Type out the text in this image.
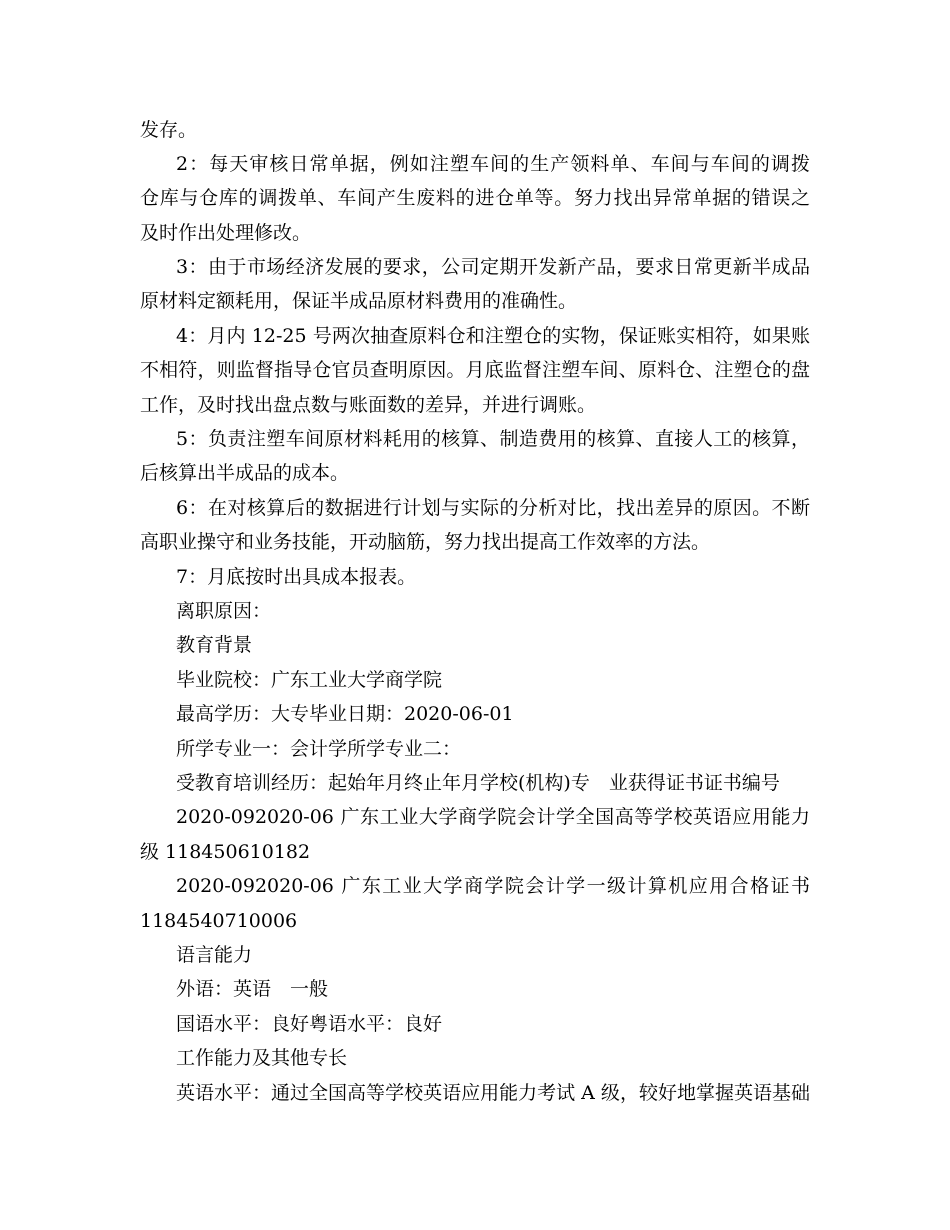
发存。
2：每天审核日常单据，例如注塑车间的生产领料单、车间与车间的调拨
仓库与仓库的调拨单、车间产生废料的进仓单等。努力找出异常单据的错误之
及时作出处理修改。
3：由于市场经济发展的要求，公司定期开发新产品，要求日常更新半成品
原材料定额耗用，保证半成品原材料费用的准确性。
4：月内 12-25 号两次抽查原料仓和注塑仓的实物，保证账实相符，如果账
不相符，则监督指导仓官员查明原因。月底监督注塑车间、原料仓、注塑仓的盘
工作，及时找出盘点数与账面数的差异，并进行调账。
5：负责注塑车间原材料耗用的核算、制造费用的核算、直接人工的核算，
后核算出半成品的成本。
6：在对核算后的数据进行计划与实际的分析对比，找出差异的原因。不断
高职业操守和业务技能，开动脑筋，努力找出提高工作效率的方法。
7：月底按时出具成本报表。
离职原因：
教育背景
毕业院校：广东工业大学商学院
最高学历：大专毕业日期：2020-06-01
所学专业一：会计学所学专业二：
受教育培训经历：起始年月终止年月学校(机构)专　业获得证书证书编号
2020-092020-06 广东工业大学商学院会计学全国高等学校英语应用能力
级 118450610182
2020-092020-06 广东工业大学商学院会计学一级计算机应用合格证书
1184540710006
语言能力
外语：英语　一般
国语水平：良好粤语水平：良好
工作能力及其他专长
英语水平：通过全国高等学校英语应用能力考试 A 级，较好地掌握英语基础
